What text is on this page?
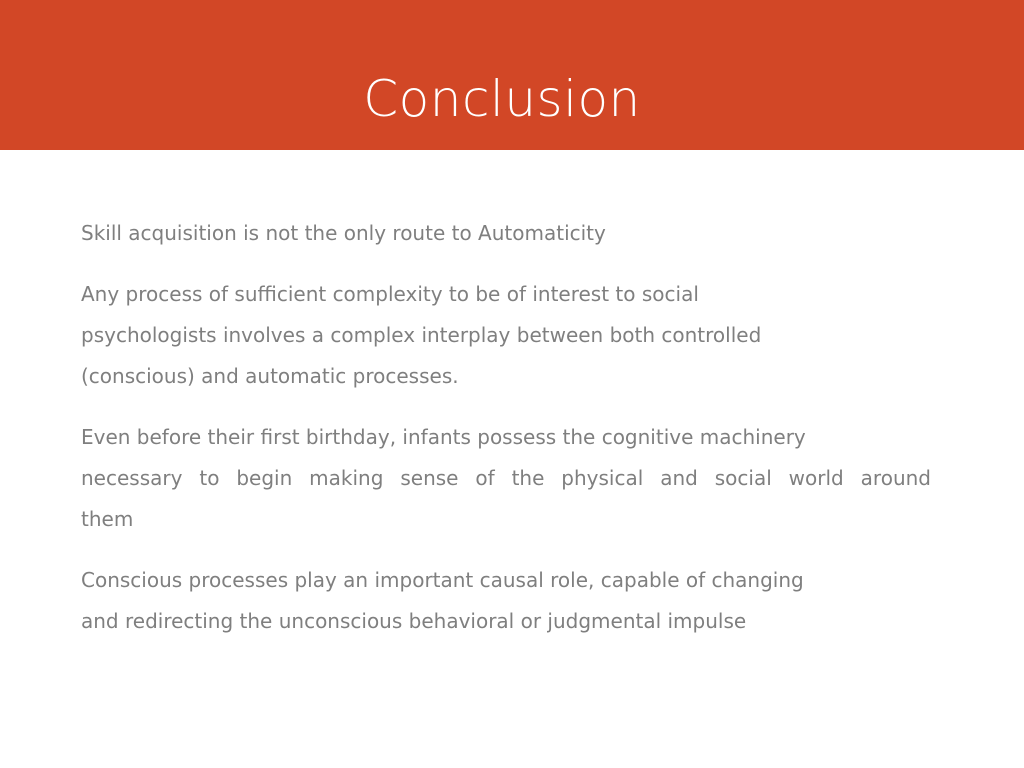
Conclusion
Skill acquisition is not the only route to Automaticity
Any process of sufficient complexity to be of interest to social
psychologists involves a complex interplay between both controlled
(conscious) and automatic processes.
Even before their first birthday, infants possess the cognitive machinery
necessary to begin making sense of the physical and social world around
them
Conscious processes play an important causal role, capable of changing
and redirecting the unconscious behavioral or judgmental impulse
